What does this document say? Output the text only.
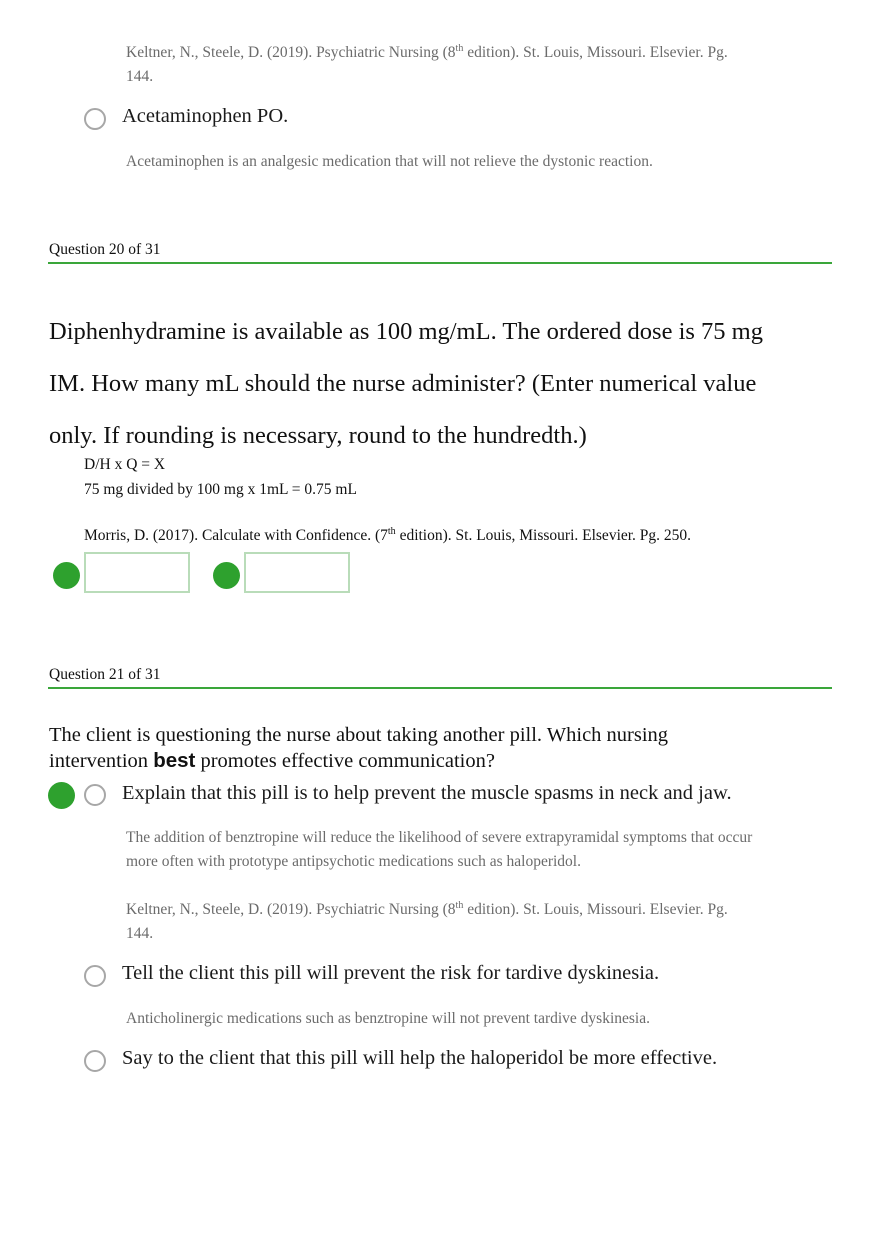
Keltner, N., Steele, D. (2019). Psychiatric Nursing (8th edition). St. Louis, Missouri. Elsevier. Pg.
144.
Acetaminophen PO.
Acetaminophen is an analgesic medication that will not relieve the dystonic reaction.
Question 20 of 31
Diphenhydramine is available as 100 mg/mL. The ordered dose is 75 mg
IM. How many mL should the nurse administer? (Enter numerical value
only. If rounding is necessary, round to the hundredth.)
D/H x Q = X
75 mg divided by 100 mg x 1mL = 0.75 mL
Morris, D. (2017). Calculate with Confidence. (7th edition). St. Louis, Missouri. Elsevier. Pg. 250.
Question 21 of 31
The client is questioning the nurse about taking another pill. Which nursing
intervention best promotes effective communication?
Explain that this pill is to help prevent the muscle spasms in neck and jaw.
The addition of benztropine will reduce the likelihood of severe extrapyramidal symptoms that occur
more often with prototype antipsychotic medications such as haloperidol.
Keltner, N., Steele, D. (2019). Psychiatric Nursing (8th edition). St. Louis, Missouri. Elsevier. Pg.
144.
Tell the client this pill will prevent the risk for tardive dyskinesia.
Anticholinergic medications such as benztropine will not prevent tardive dyskinesia.
Say to the client that this pill will help the haloperidol be more effective.
